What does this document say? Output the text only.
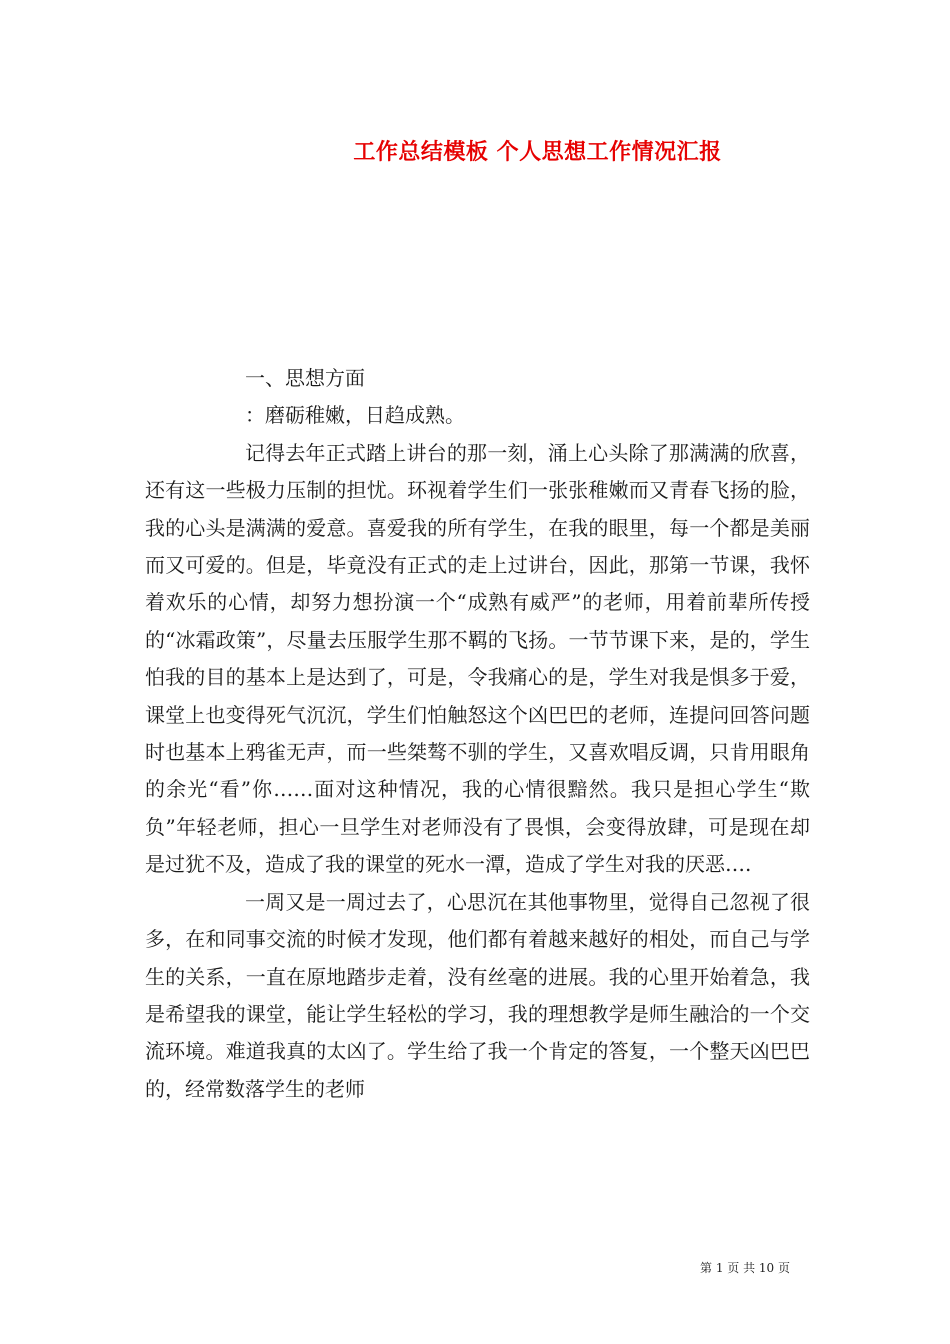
工作总结模板 个人思想工作情况汇报

一、思想方面

：磨砺稚嫩，日趋成熟。

记得去年正式踏上讲台的那一刻，涌上心头除了那满满的欣喜，还有这一些极力压制的担忧。环视着学生们一张张稚嫩而又青春飞扬的脸，我的心头是满满的爱意。喜爱我的所有学生，在我的眼里，每一个都是美丽而又可爱的。但是，毕竟没有正式的走上过讲台，因此，那第一节课，我怀着欢乐的心情，却努力想扮演一个“成熟有威严”的老师，用着前辈所传授的“冰霜政策”，尽量去压服学生那不羁的飞扬。一节节课下来，是的，学生怕我的目的基本上是达到了，可是，令我痛心的是，学生对我是惧多于爱，课堂上也变得死气沉沉，学生们怕触怒这个凶巴巴的老师，连提问回答问题时也基本上鸦雀无声，而一些桀骜不驯的学生，又喜欢唱反调，只肯用眼角的余光“看”你……面对这种情况，我的心情很黯然。我只是担心学生“欺负”年轻老师，担心一旦学生对老师没有了畏惧，会变得放肆，可是现在却是过犹不及，造成了我的课堂的死水一潭，造成了学生对我的厌恶….

一周又是一周过去了，心思沉在其他事物里，觉得自己忽视了很多，在和同事交流的时候才发现，他们都有着越来越好的相处，而自己与学生的关系，一直在原地踏步走着，没有丝毫的进展。我的心里开始着急，我是希望我的课堂，能让学生轻松的学习，我的理想教学是师生融洽的一个交流环境。难道我真的太凶了。学生给了我一个肯定的答复，一个整天凶巴巴的，经常数落学生的老师

第 1 页 共 10 页
